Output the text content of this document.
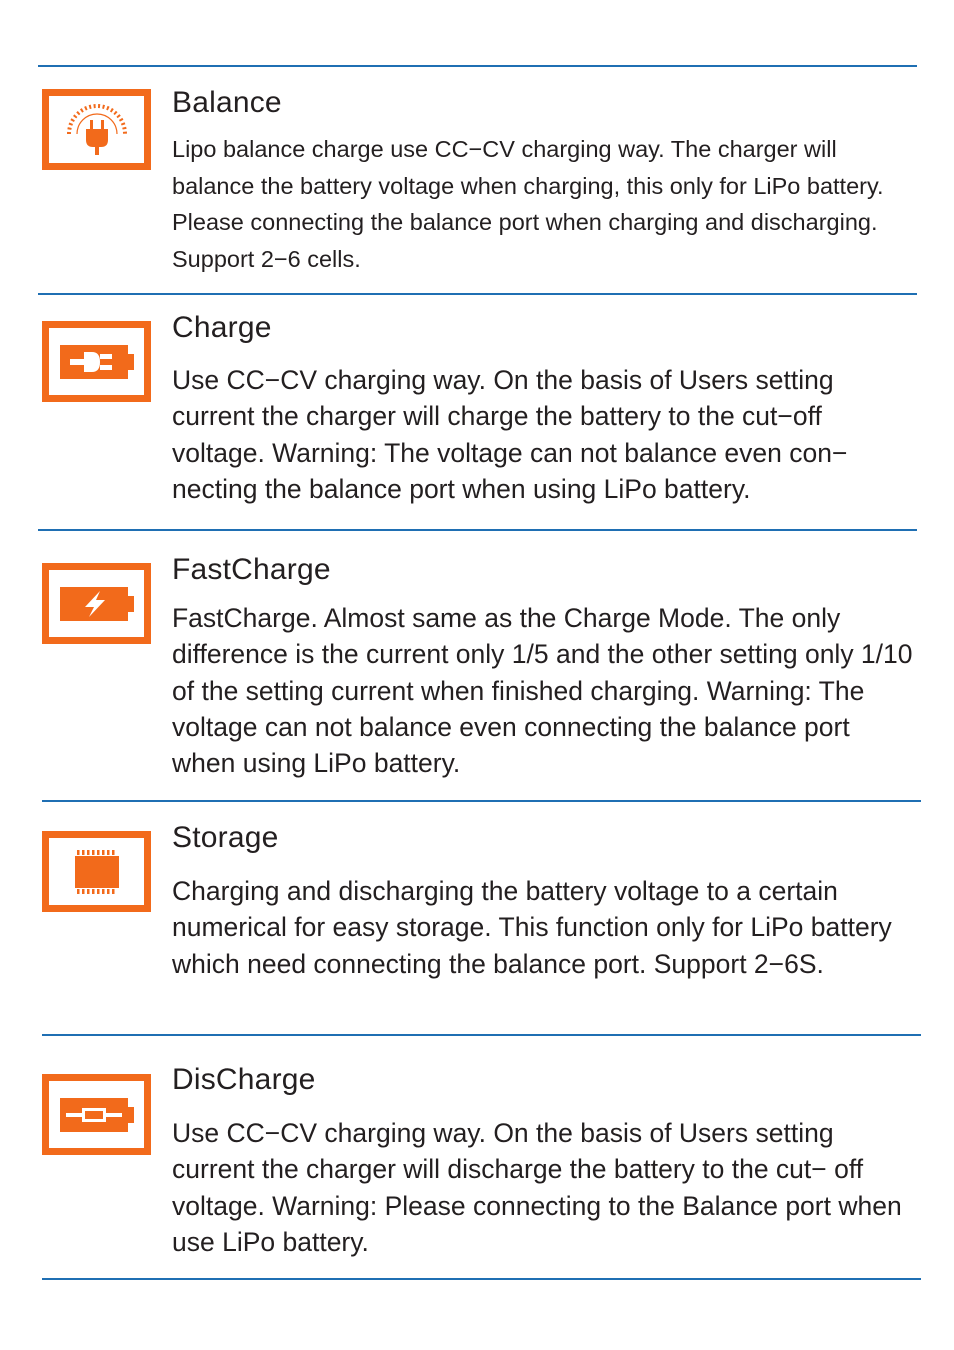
Balance

Lipo balance charge use CC−CV charging way. The charger will balance the battery voltage when charging, this only for LiPo battery. Please connecting the balance port when charging and discharging. Support 2−6 cells.

Charge

Use CC−CV charging way. On the basis of Users setting current the charger will charge the battery to the cut−off voltage. Warning: The voltage can not balance even con− necting the balance port when using LiPo battery.

FastCharge

FastCharge. Almost same as the Charge Mode. The only difference is the current only 1/5 and the other setting only 1/10 of the setting current when finished charging. Warning: The voltage can not balance even connecting the balance port when using LiPo battery.

Storage

Charging and discharging the battery voltage to a certain numerical for easy storage. This function only for LiPo battery which need connecting the balance port. Support 2−6S.

DisCharge

Use CC−CV charging way. On the basis of Users setting current the charger will discharge the battery to the cut− off voltage. Warning: Please connecting to the Balance port when use LiPo battery.
